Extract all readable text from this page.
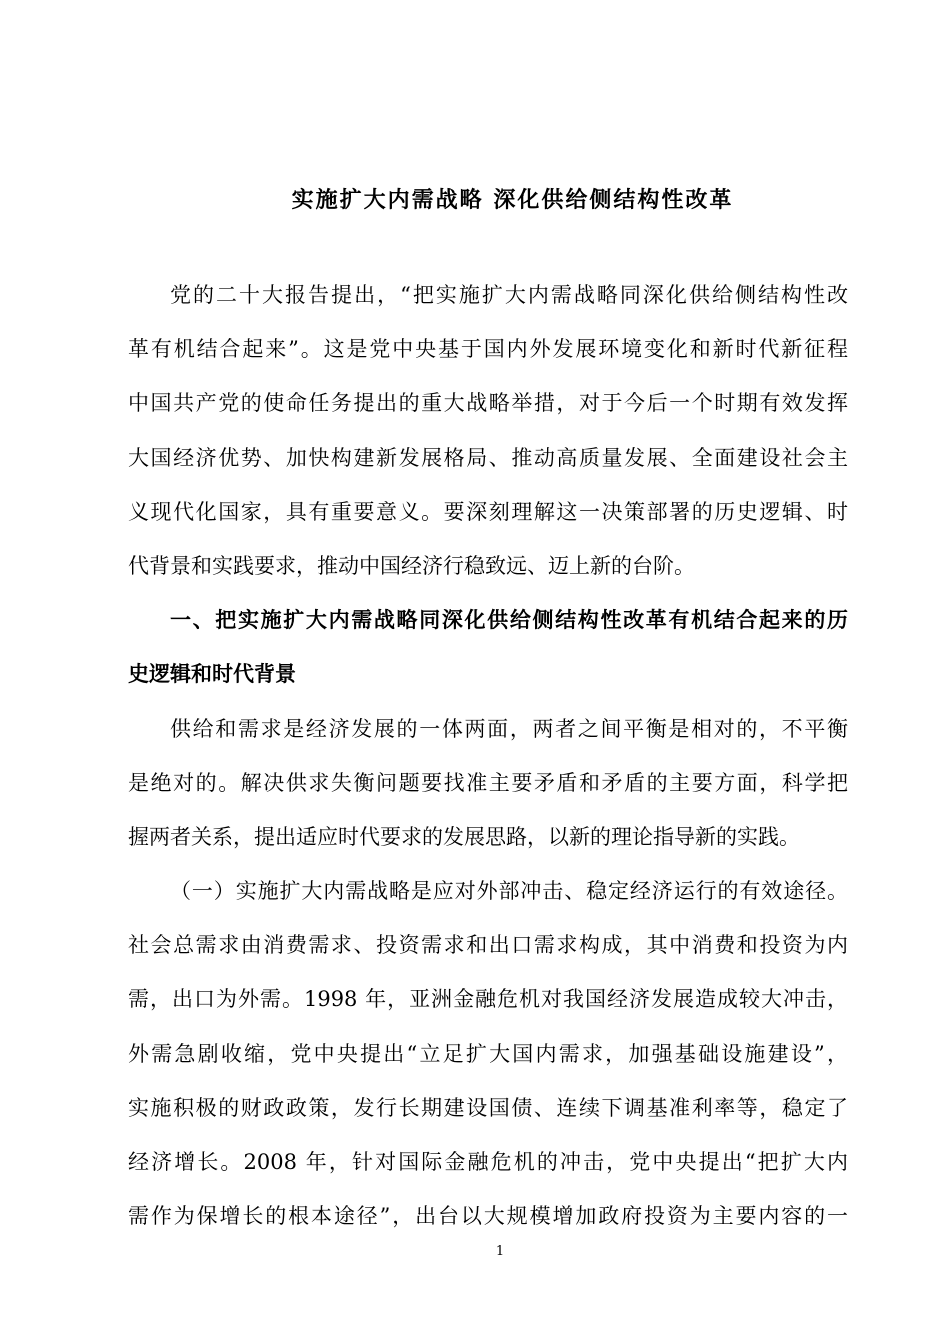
实施扩大内需战略 深化供给侧结构性改革
党的二十大报告提出，“把实施扩大内需战略同深化供给侧结构性改
革有机结合起来”。这是党中央基于国内外发展环境变化和新时代新征程
中国共产党的使命任务提出的重大战略举措，对于今后一个时期有效发挥
大国经济优势、加快构建新发展格局、推动高质量发展、全面建设社会主
义现代化国家，具有重要意义。要深刻理解这一决策部署的历史逻辑、时
代背景和实践要求，推动中国经济行稳致远、迈上新的台阶。
一、把实施扩大内需战略同深化供给侧结构性改革有机结合起来的历
史逻辑和时代背景
供给和需求是经济发展的一体两面，两者之间平衡是相对的，不平衡
是绝对的。解决供求失衡问题要找准主要矛盾和矛盾的主要方面，科学把
握两者关系，提出适应时代要求的发展思路，以新的理论指导新的实践。
（一）实施扩大内需战略是应对外部冲击、稳定经济运行的有效途径。
社会总需求由消费需求、投资需求和出口需求构成，其中消费和投资为内
需，出口为外需。1998 年，亚洲金融危机对我国经济发展造成较大冲击，
外需急剧收缩，党中央提出“立足扩大国内需求，加强基础设施建设”，
实施积极的财政政策，发行长期建设国债、连续下调基准利率等，稳定了
经济增长。2008 年，针对国际金融危机的冲击，党中央提出“把扩大内
需作为保增长的根本途径”，出台以大规模增加政府投资为主要内容的一
1
